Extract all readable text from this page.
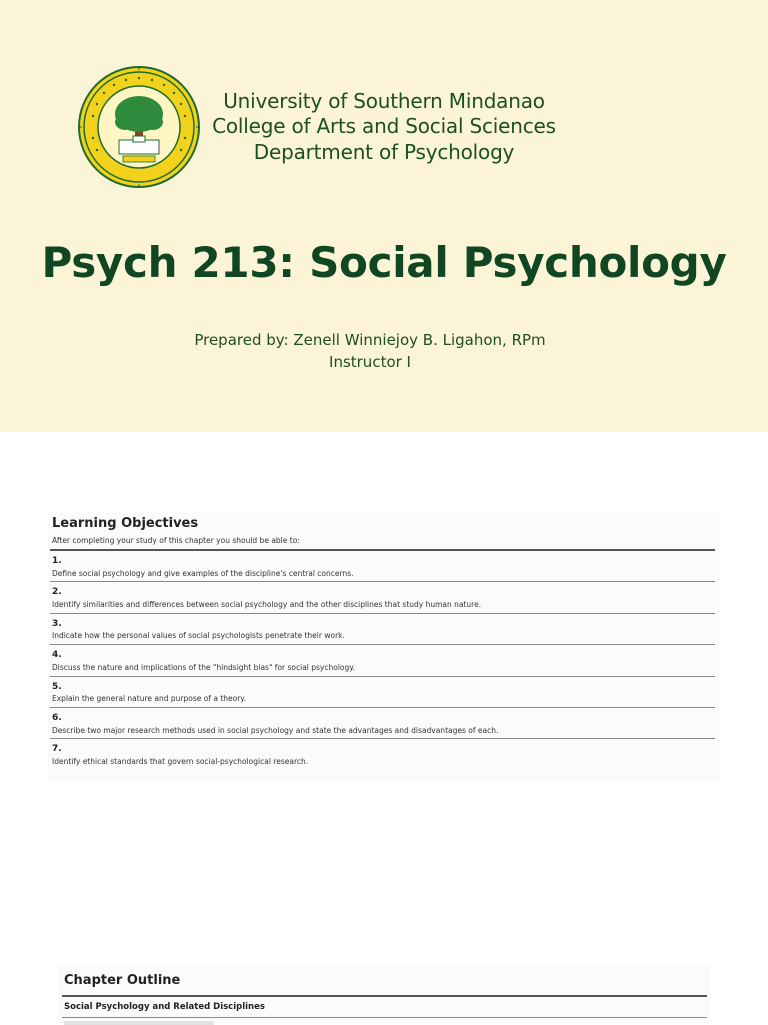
University of Southern Mindanao
College of Arts and Social Sciences
Department of Psychology
Psych 213: Social Psychology
Prepared by: Zenell Winniejoy B. Ligahon, RPm
Instructor I
Learning Objectives
After completing your study of this chapter you should be able to:
1.
Define social psychology and give examples of the discipline's central concerns.
2.
Identify similarities and differences between social psychology and the other disciplines that study human nature.
3.
Indicate how the personal values of social psychologists penetrate their work.
4.
Discuss the nature and implications of the "hindsight bias" for social psychology.
5.
Explain the general nature and purpose of a theory.
6.
Describe two major research methods used in social psychology and state the advantages and disadvantages of each.
7.
Identify ethical standards that govern social-psychological research.
Chapter Outline
Social Psychology and Related Disciplines
